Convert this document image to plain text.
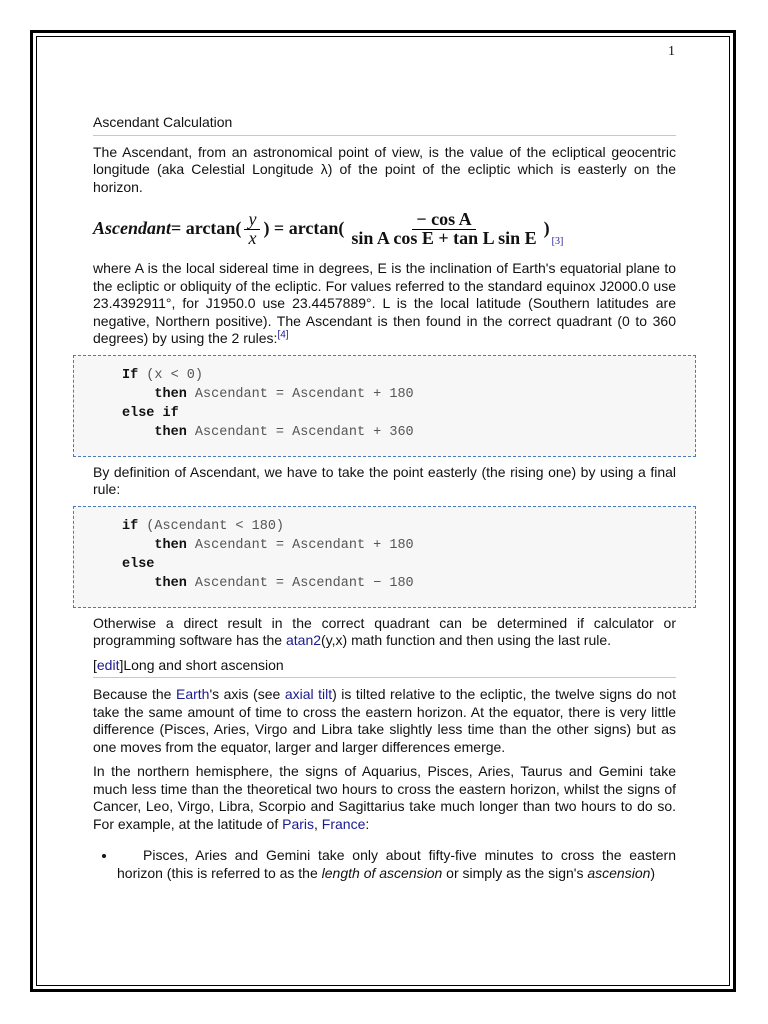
1
Ascendant Calculation

The Ascendant, from an astronomical point of view, is the value of the ecliptical geocentric longitude (aka Celestial Longitude λ) of the point of the ecliptic which is easterly on the horizon.

Ascendant = $\arctan( \frac{y}{x}$ ) = $\arctan( \frac{\text{− cos A}}{\text{sin A cos E + tan L sin E}}$ )
[3]

where A is the local sidereal time in degrees, E is the inclination of Earth's equatorial plane to the ecliptic or obliquity of the ecliptic. For values referred to the standard equinox J2000.0 use 23.4392911°, for J1950.0 use 23.4457889°. L is the local latitude (Southern latitudes are negative, Northern positive). The Ascendant is then found in the correct quadrant (0 to 360 degrees) by using the 2 rules:[4]

If (x < 0)
then Ascendant = Ascendant + 180
else if
then Ascendant = Ascendant + 360

By definition of Ascendant, we have to take the point easterly (the rising one) by using a final rule:

if (Ascendant < 180)
then Ascendant = Ascendant + 180
else
then Ascendant = Ascendant − 180

Otherwise a direct result in the correct quadrant can be determined if calculator or programming software has the atan2(y,x) math function and then using the last rule.

[edit]Long and short ascension

Because the Earth's axis (see axial tilt) is tilted relative to the ecliptic, the twelve signs do not take the same amount of time to cross the eastern horizon. At the equator, there is very little difference (Pisces, Aries, Virgo and Libra take slightly less time than the other signs) but as one moves from the equator, larger and larger differences emerge.

In the northern hemisphere, the signs of Aquarius, Pisces, Aries, Taurus and Gemini take much less time than the theoretical two hours to cross the eastern horizon, whilst the signs of Cancer, Leo, Virgo, Libra, Scorpio and Sagittarius take much longer than two hours to do so. For example, at the latitude of Paris, France:

• Pisces, Aries and Gemini take only about fifty-five minutes to cross the eastern horizon (this is referred to as the length of ascension or simply as the sign's ascension)
